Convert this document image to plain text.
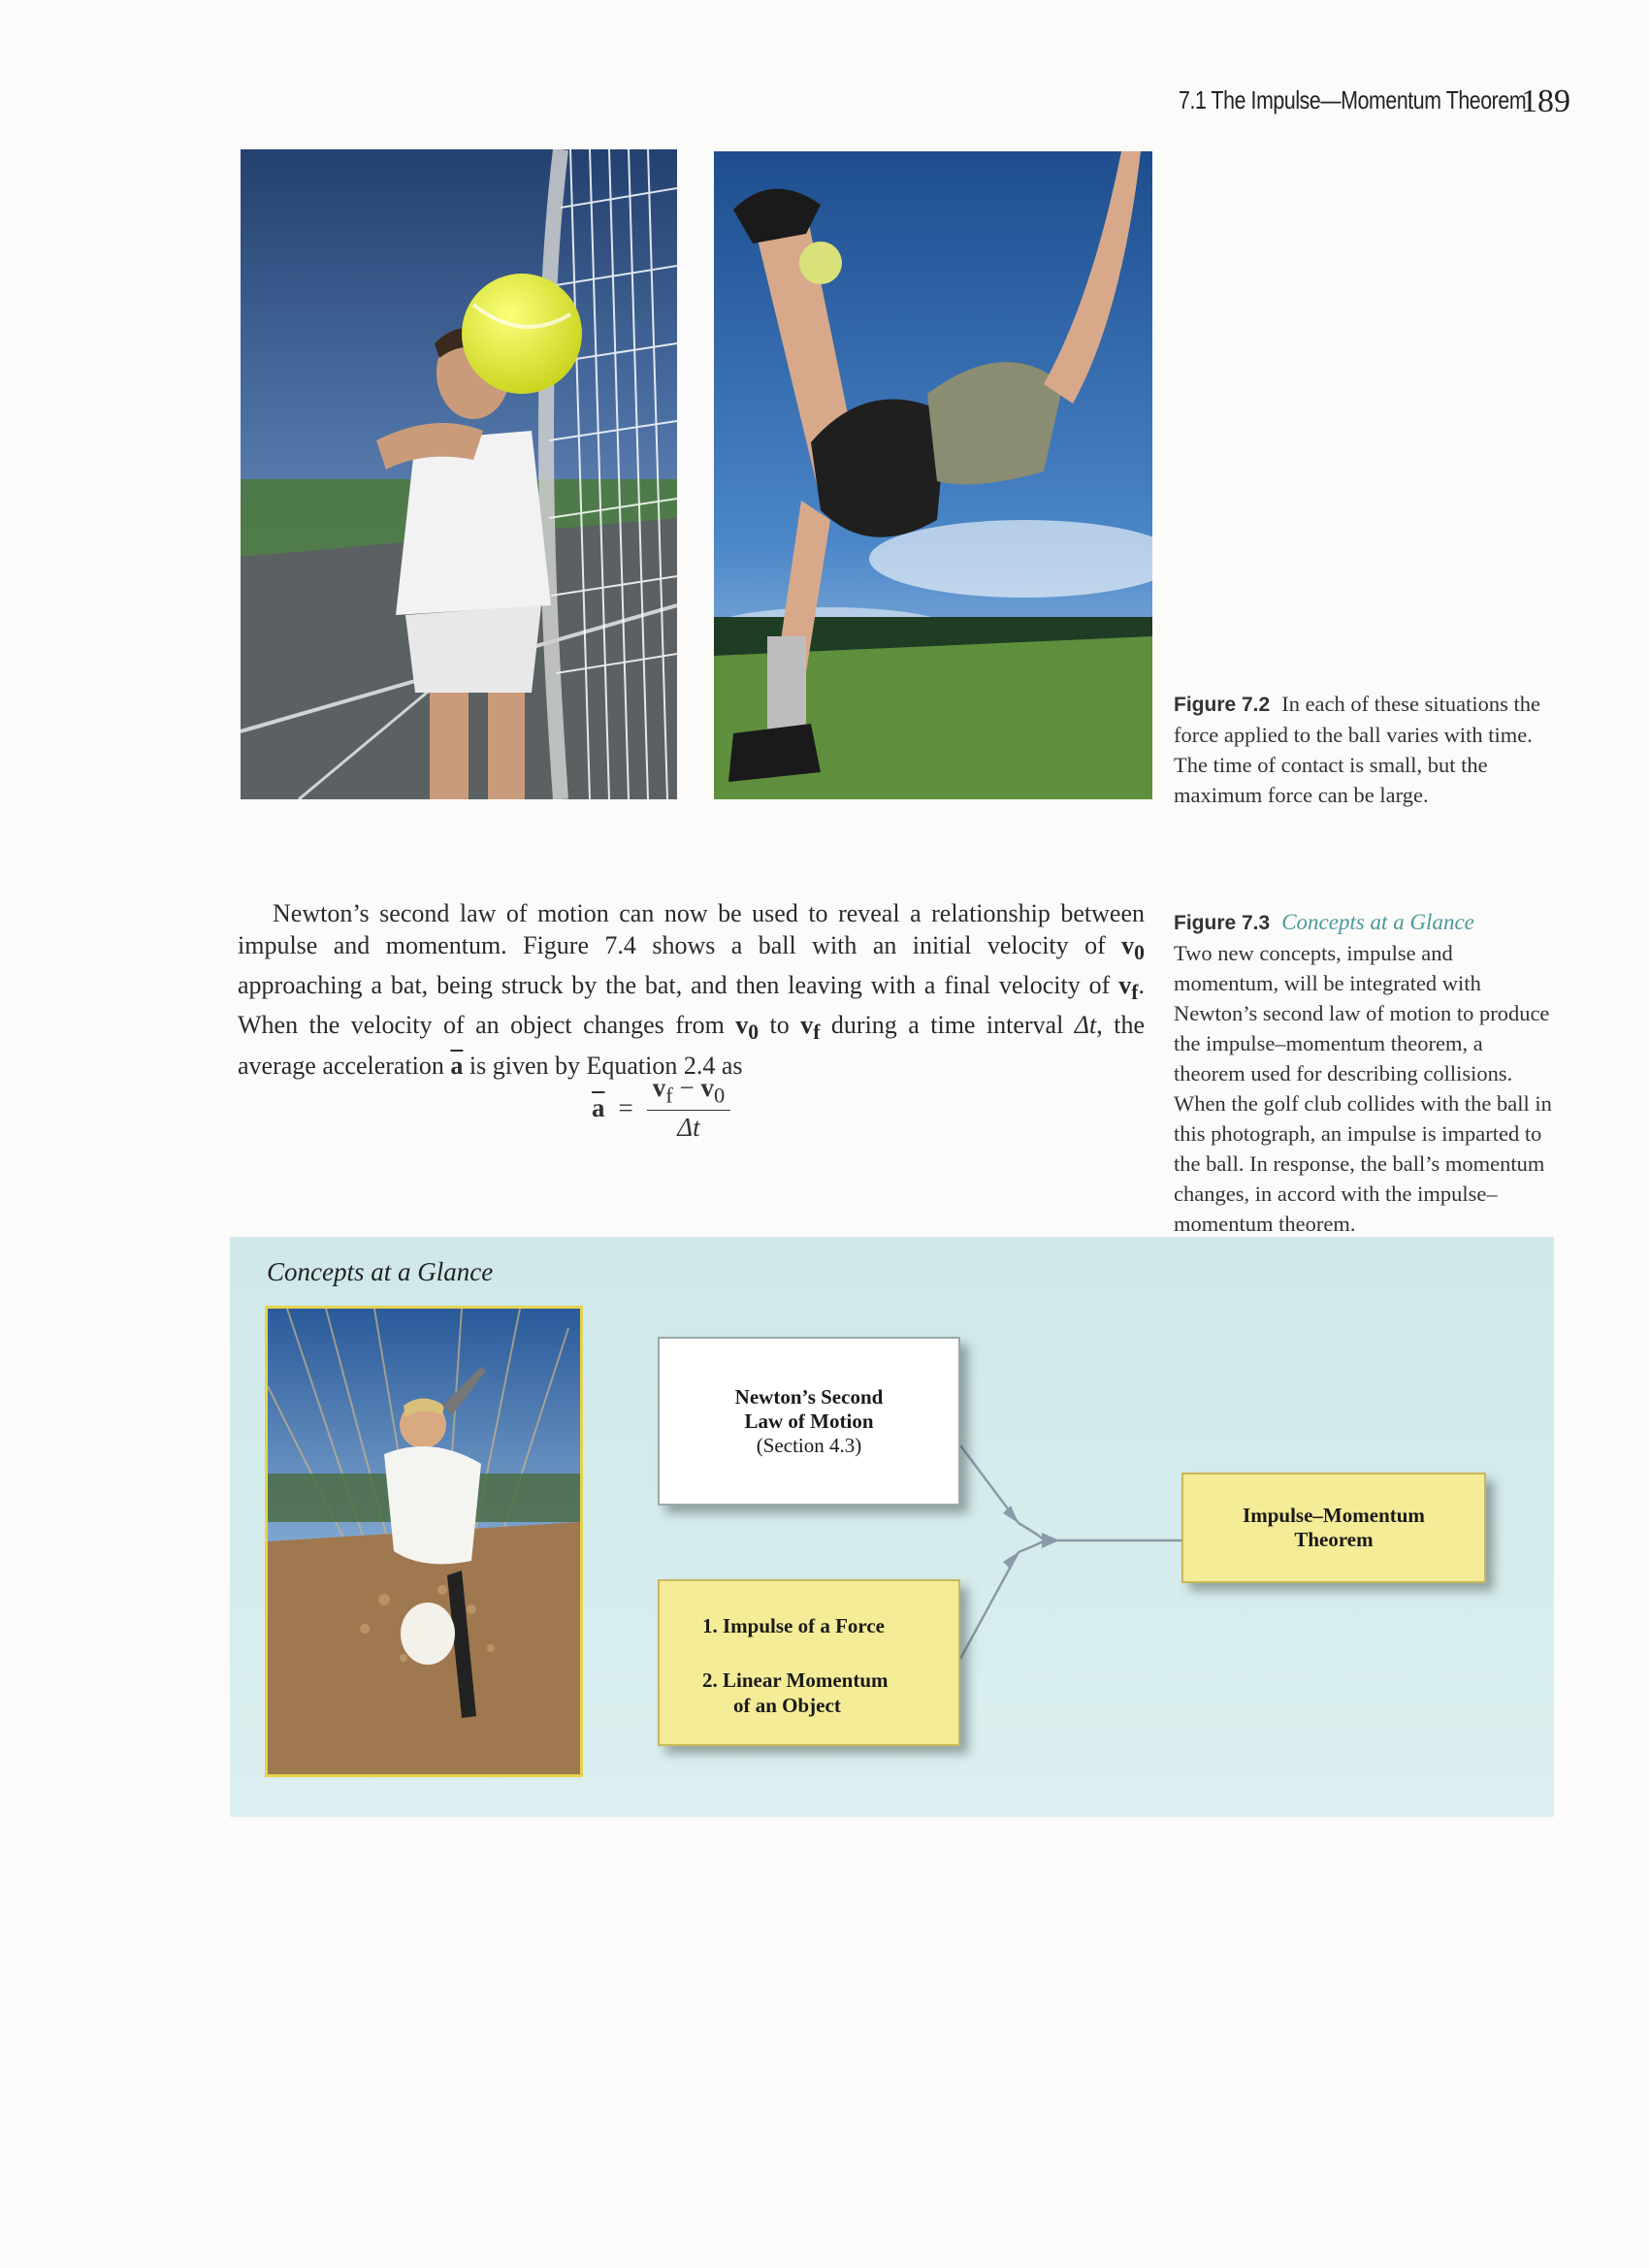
7.1 The Impulse—Momentum Theorem
189
Figure 7.2 In each of these situations the force applied to the ball varies with time. The time of contact is small, but the maximum force can be large.

Newton’s second law of motion can now be used to reveal a relationship between impulse and momentum. Figure 7.4 shows a ball with an initial velocity of $v_0$ approaching a bat, being struck by the bat, and then leaving with a final velocity of $v_f$. When the velocity of an object changes from $v_0$ to $v_f$ during a time interval Δt, the average acceleration $\overline{a}$ is given by Equation 2.4 as

$\overline{a} = \frac{v_f - v_0}{\Delta t}$
Figure 7.3 Concepts at a Glance
Two new concepts, impulse and momentum, will be integrated with Newton’s second law of motion to produce the impulse–momentum theorem, a theorem used for describing collisions. When the golf club collides with the ball in this photograph, an impulse is imparted to the ball. In response, the ball’s momentum changes, in accord with the impulse–momentum theorem.
Concepts at a Glance
Newton’s Second
Law of Motion
(Section 4.3)
1. Impulse of a Force
2. Linear Momentum
of an Object
Impulse–Momentum
Theorem
